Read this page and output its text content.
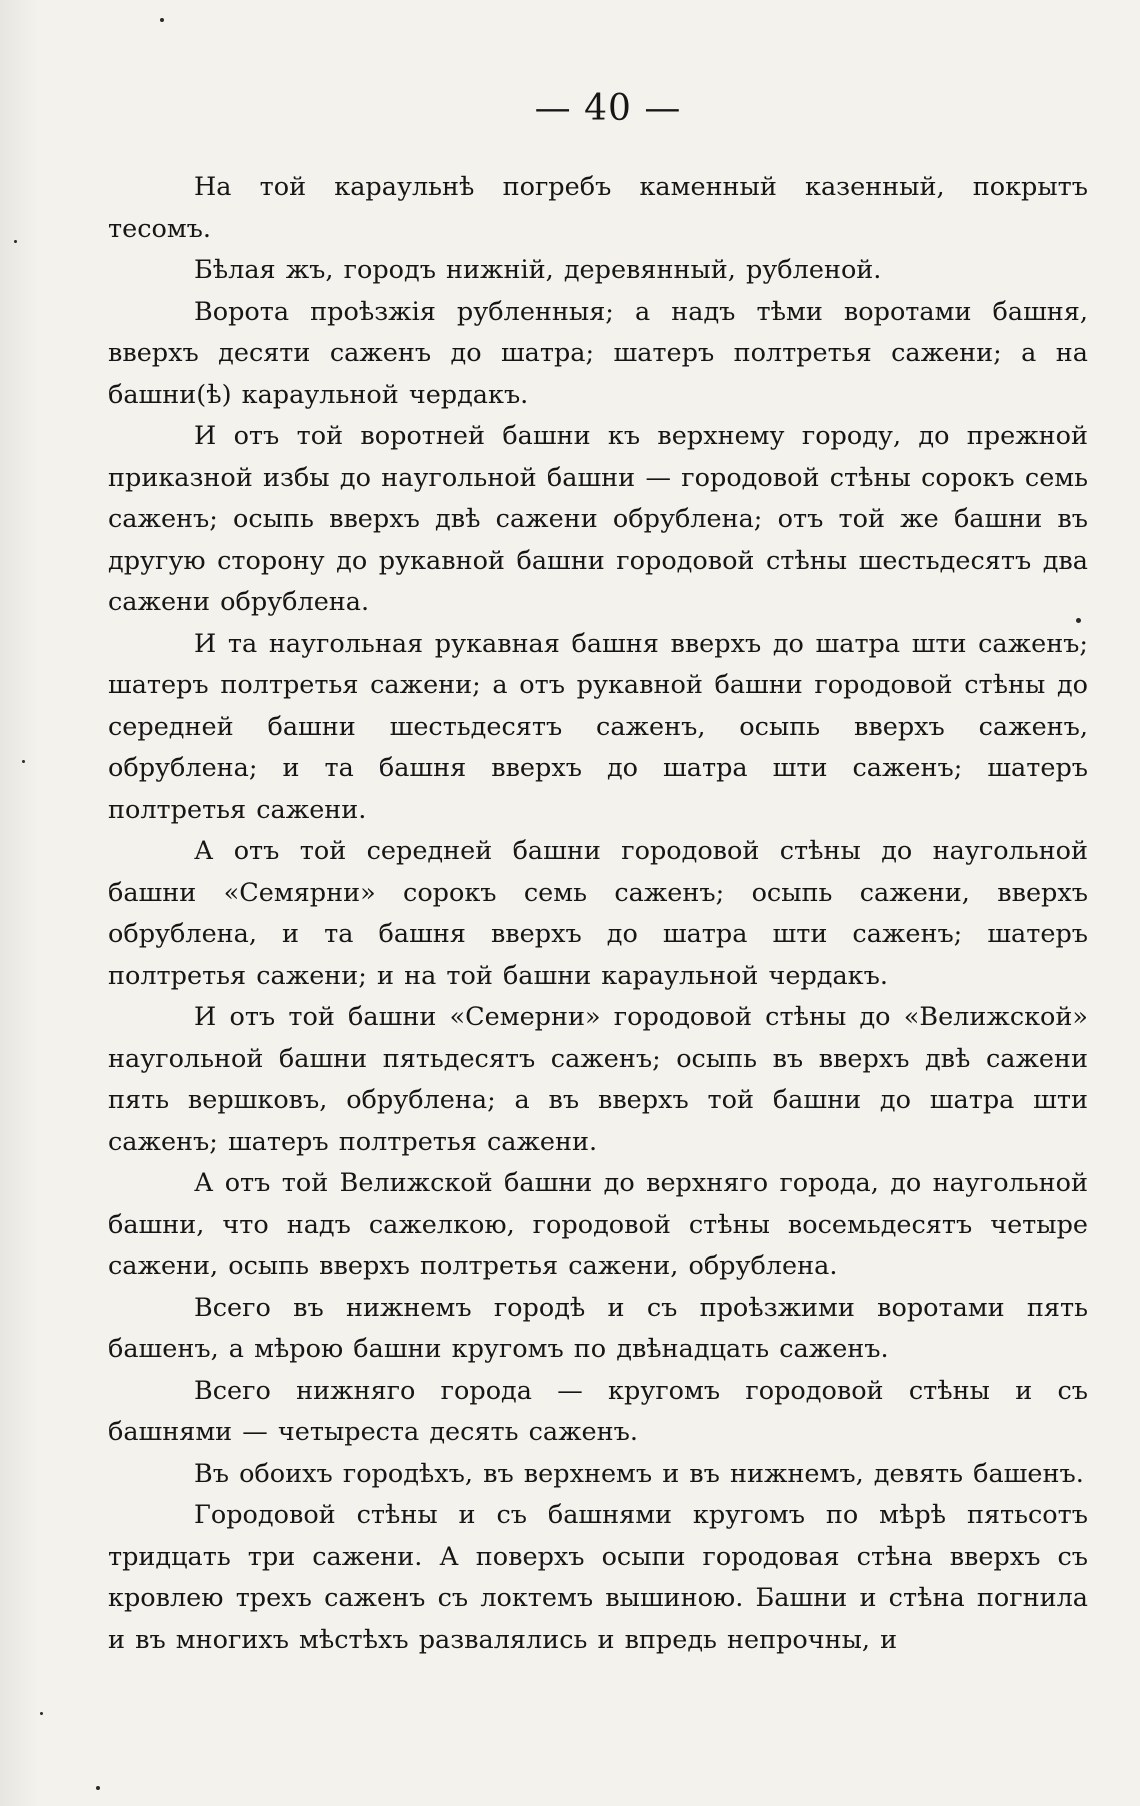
— 40 —

На той караульнѣ погребъ каменный казенный, покрытъ тесомъ.

Бѣлая жъ, городъ нижній, деревянный, рубленой.

Ворота проѣзжія рубленныя; а надъ тѣми воротами башня, вверхъ десяти саженъ до шатра; шатеръ полтретья сажени; а на башни(ѣ) караульной чердакъ.

И отъ той воротней башни къ верхнему городу, до прежной приказной избы до наугольной башни — городовой стѣны сорокъ семь саженъ; осыпь вверхъ двѣ сажени обрублена; отъ той же башни въ другую сторону до рукавной башни городовой стѣны шестьдесятъ два сажени обрублена.

И та наугольная рукавная башня вверхъ до шатра шти саженъ; шатеръ полтретья сажени; а отъ рукавной башни городовой стѣны до середней башни шестьдесятъ саженъ, осыпь вверхъ саженъ, обрублена; и та башня вверхъ до шатра шти саженъ; шатеръ полтретья сажени.

А отъ той середней башни городовой стѣны до наугольной башни «Семярни» сорокъ семь саженъ; осыпь сажени, вверхъ обрублена, и та башня вверхъ до шатра шти саженъ; шатеръ полтретья сажени; и на той башни караульной чердакъ.

И отъ той башни «Семерни» городовой стѣны до «Велижской» наугольной башни пятьдесятъ саженъ; осыпь въ вверхъ двѣ сажени пять вершковъ, обрублена; а въ вверхъ той башни до шатра шти саженъ; шатеръ полтретья сажени.

А отъ той Велижской башни до верхняго города, до наугольной башни, что надъ сажелкою, городовой стѣны восемьдесятъ четыре сажени, осыпь вверхъ полтретья сажени, обрублена.

Всего въ нижнемъ городѣ и съ проѣзжими воротами пять башенъ, а мѣрою башни кругомъ по двѣнадцать саженъ.

Всего нижняго города — кругомъ городовой стѣны и съ башнями — четыреста десять саженъ.

Въ обоихъ городѣхъ, въ верхнемъ и въ нижнемъ, девять башенъ.

Городовой стѣны и съ башнями кругомъ по мѣрѣ пятьсотъ тридцать три сажени. А поверхъ осыпи городовая стѣна вверхъ съ кровлею трехъ саженъ съ локтемъ вышиною. Башни и стѣна погнила и въ многихъ мѣстѣхъ развалялись и впредь непрочны, и
